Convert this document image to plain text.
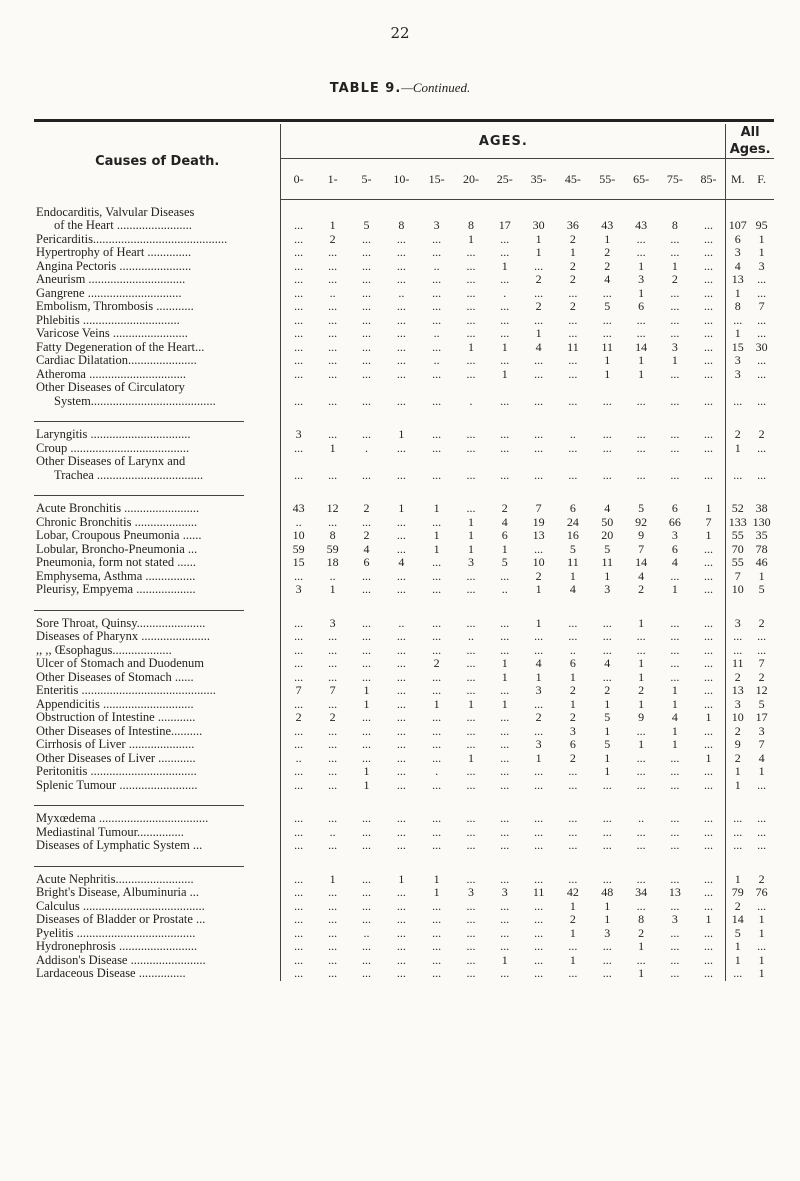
22
TABLE 9.—Continued.
Causes of Death.	AGES.													All Ages.	
	0-	1-	5-	10-	15-	20-	25-	35-	45-	55-	65-	75-	85-	M.	F.

Endocarditis, Valvular Diseases
of the Heart ........................	...	1	5	8	3	8	17	30	36	43	43	8	...	107	95

Pericarditis...........................................	...	2	...	...	...	1	...	1	2	1	...	...	...	6	1

Hypertrophy of Heart ..............	...	...	...	...	...	...	...	1	1	2	...	...	...	3	1

Angina Pectoris .......................	...	...	...	...	..	...	1	...	2	2	1	1	...	4	3

Aneurism ...............................	...	...	...	...	...	...	...	2	2	4	3	2	...	13	...

Gangrene ..............................	...	..	...	..	...	...	.	...	...	...	1	...	...	1	...

Embolism, Thrombosis ............	...	...	...	...	...	...	...	2	2	5	6	...	...	8	7

Phlebitis ...............................	...	...	...	...	...	...	...	...	...	...	...	...	...	...	...

Varicose Veins ........................	...	...	...	...	..	...	...	1	...	...	...	...	...	1	...

Fatty Degeneration of the Heart...	...	...	...	...	...	1	1	4	11	11	14	3	...	15	30

Cardiac Dilatation......................	...	...	...	...	..	...	...	...	...	1	1	1	...	3	...

Atheroma ...............................	...	...	...	...	...	...	1	...	...	1	1	...	...	3	...

Other Diseases of Circulatory
System........................................	...	...	...	...	...	.	...	...	...	...	...	...	...	...	...

Laryngitis ................................	3	...	...	1	...	...	...	...	..	...	...	...	...	2	2

Croup ......................................	...	1	.	...	...	...	...	...	...	...	...	...	...	1	...

Other Diseases of Larynx and
Trachea ..................................	...	...	...	...	...	...	...	...	...	...	...	...	...	...	...

Acute Bronchitis ........................	43	12	2	1	1	...	2	7	6	4	5	6	1	52	38

Chronic Bronchitis ....................	..	...	...	...	...	1	4	19	24	50	92	66	7	133	130

Lobar, Croupous Pneumonia ......	10	8	2	...	1	1	6	13	16	20	9	3	1	55	35

Lobular, Broncho-Pneumonia ...	59	59	4	...	1	1	1	...	5	5	7	6	...	70	78

Pneumonia, form not stated ......	15	18	6	4	...	3	5	10	11	11	14	4	...	55	46

Emphysema, Asthma ................	...	..	...	...	...	...	...	2	1	1	4	...	...	7	1

Pleurisy, Empyema ...................	3	1	...	...	...	...	..	1	4	3	2	1	...	10	5

Sore Throat, Quinsy......................	...	3	...	..	...	...	...	1	...	...	1	...	...	3	2

Diseases of Pharynx ......................	...	...	...	...	...	..	...	...	...	...	...	...	...	...	...

,, ,, Œsophagus...................	...	...	...	...	...	...	...	...	..	...	...	...	...	...	...

Ulcer of Stomach and Duodenum	...	...	...	...	2	...	1	4	6	4	1	...	...	11	7

Other Diseases of Stomach ......	...	...	...	...	...	...	1	1	1	...	1	...	...	2	2

Enteritis ...........................................	7	7	1	...	...	...	...	3	2	2	2	1	...	13	12

Appendicitis .............................	...	...	1	...	1	1	1	...	1	1	1	1	...	3	5

Obstruction of Intestine ............	2	2	...	...	...	...	...	2	2	5	9	4	1	10	17

Other Diseases of Intestine..........	...	...	...	...	...	...	...	...	3	1	...	1	...	2	3

Cirrhosis of Liver .....................	...	...	...	...	...	...	...	3	6	5	1	1	...	9	7

Other Diseases of Liver ............	..	...	...	...	...	1	...	1	2	1	...	...	1	2	4

Peritonitis ..................................	...	...	1	...	.	...	...	...	...	1	...	...	...	1	1

Splenic Tumour .........................	...	...	1	...	...	...	...	...	...	...	...	...	...	1	...

Myxœdema ...................................	...	...	...	...	...	...	...	...	...	...	..	...	...	...	...

Mediastinal Tumour...............	...	..	...	...	...	...	...	...	...	...	...	...	...	...	...

Diseases of Lymphatic System ...	...	...	...	...	...	...	...	...	...	...	...	...	...	...	...

Acute Nephritis.........................	...	1	...	1	1	...	...	...	...	...	...	...	...	1	2

Bright's Disease, Albuminuria ...	...	...	...	...	1	3	3	11	42	48	34	13	...	79	76

Calculus .......................................	...	...	...	...	...	...	...	...	1	1	...	...	...	2	...

Diseases of Bladder or Prostate ...	...	...	...	...	...	...	...	...	2	1	8	3	1	14	1

Pyelitis ......................................	...	...	..	...	...	...	...	...	1	3	2	...	...	5	1

Hydronephrosis .........................	...	...	...	...	...	...	...	...	...	...	1	...	...	1	...

Addison's Disease ........................	...	...	...	...	...	...	1	...	1	...	...	...	...	1	1

Lardaceous Disease ...............	...	...	...	...	...	...	...	...	...	...	1	...	...	...	1
